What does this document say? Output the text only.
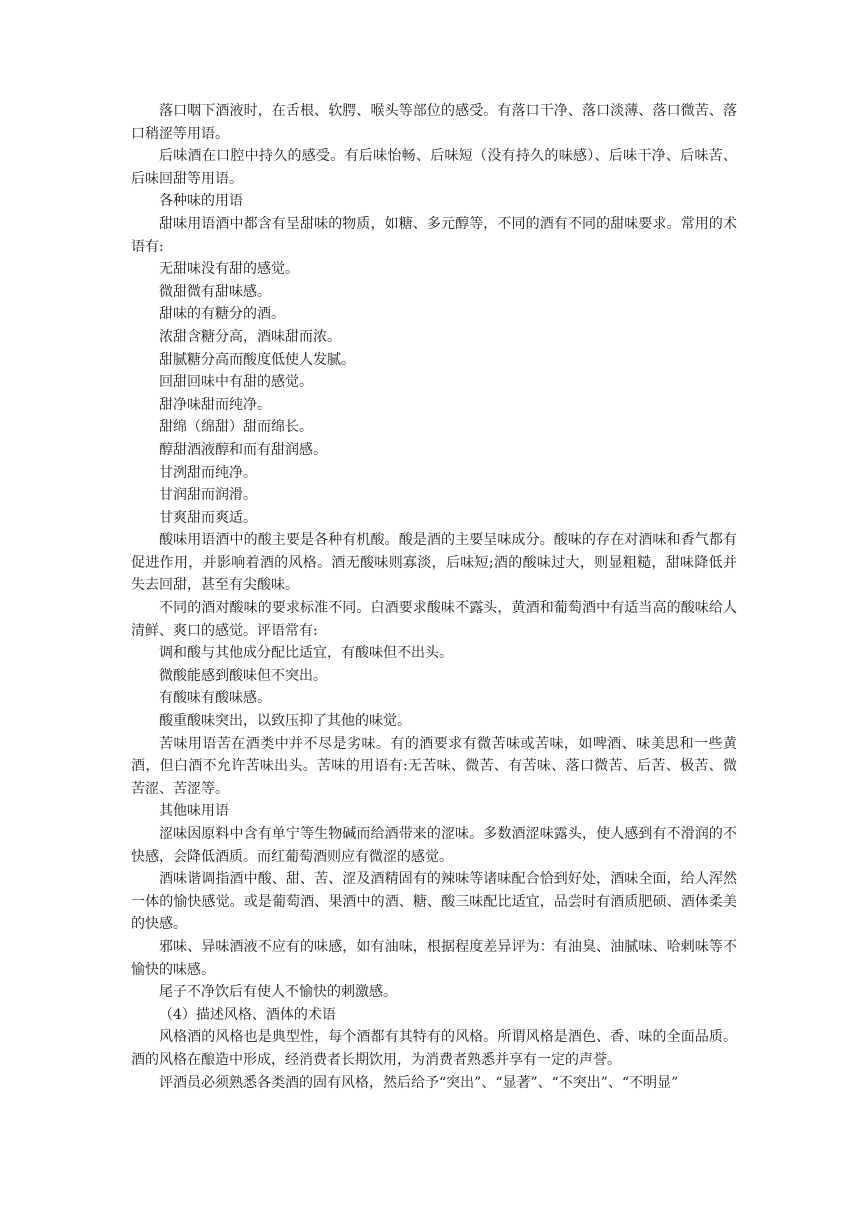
落口咽下酒液时，在舌根、软腭、喉头等部位的感受。有落口干净、落口淡薄、落口微苦、落口稍涩等用语。

后味酒在口腔中持久的感受。有后味怡畅、后味短（没有持久的味感）、后味干净、后味苦、后味回甜等用语。

各种味的用语

甜味用语酒中都含有呈甜味的物质，如糖、多元醇等，不同的酒有不同的甜味要求。常用的术语有:

无甜味没有甜的感觉。

微甜微有甜味感。

甜味的有糖分的酒。

浓甜含糖分高，酒味甜而浓。

甜腻糖分高而酸度低使人发腻。

回甜回味中有甜的感觉。

甜净味甜而纯净。

甜绵（绵甜）甜而绵长。

醇甜酒液醇和而有甜润感。

甘洌甜而纯净。

甘润甜而润滑。

甘爽甜而爽适。

酸味用语酒中的酸主要是各种有机酸。酸是酒的主要呈味成分。酸味的存在对酒味和香气都有促进作用，并影响着酒的风格。酒无酸味则寡淡，后味短;酒的酸味过大，则显粗糙，甜味降低并失去回甜，甚至有尖酸味。

不同的酒对酸味的要求标准不同。白酒要求酸味不露头，黄酒和葡萄酒中有适当高的酸味给人清鲜、爽口的感觉。评语常有:

调和酸与其他成分配比适宜，有酸味但不出头。

微酸能感到酸味但不突出。

有酸味有酸味感。

酸重酸味突出，以致压抑了其他的味觉。

苦味用语苦在酒类中并不尽是劣味。有的酒要求有微苦味或苦味，如啤酒、味美思和一些黄酒，但白酒不允许苦味出头。苦味的用语有:无苦味、微苦、有苦味、落口微苦、后苦、极苦、微苦涩、苦涩等。

其他味用语

涩味因原料中含有单宁等生物碱而给酒带来的涩味。多数酒涩味露头，使人感到有不滑润的不快感，会降低酒质。而红葡萄酒则应有微涩的感觉。

酒味谐调指酒中酸、甜、苦、涩及酒精固有的辣味等诸味配合恰到好处，酒味全面，给人浑然一体的愉快感觉。或是葡萄酒、果酒中的酒、糖、酸三味配比适宜，品尝时有酒质肥硕、酒体柔美的快感。

邪味、异味酒液不应有的味感，如有油味，根据程度差异评为：有油臭、油腻味、哈剌味等不愉快的味感。

尾子不净饮后有使人不愉快的刺激感。

（4）描述风格、酒体的术语

风格酒的风格也是典型性，每个酒都有其特有的风格。所谓风格是酒色、香、味的全面品质。酒的风格在酿造中形成，经消费者长期饮用，为消费者熟悉并享有一定的声誉。

评酒员必须熟悉各类酒的固有风格，然后给予“突出”、“显著”、“不突出”、“不明显”
